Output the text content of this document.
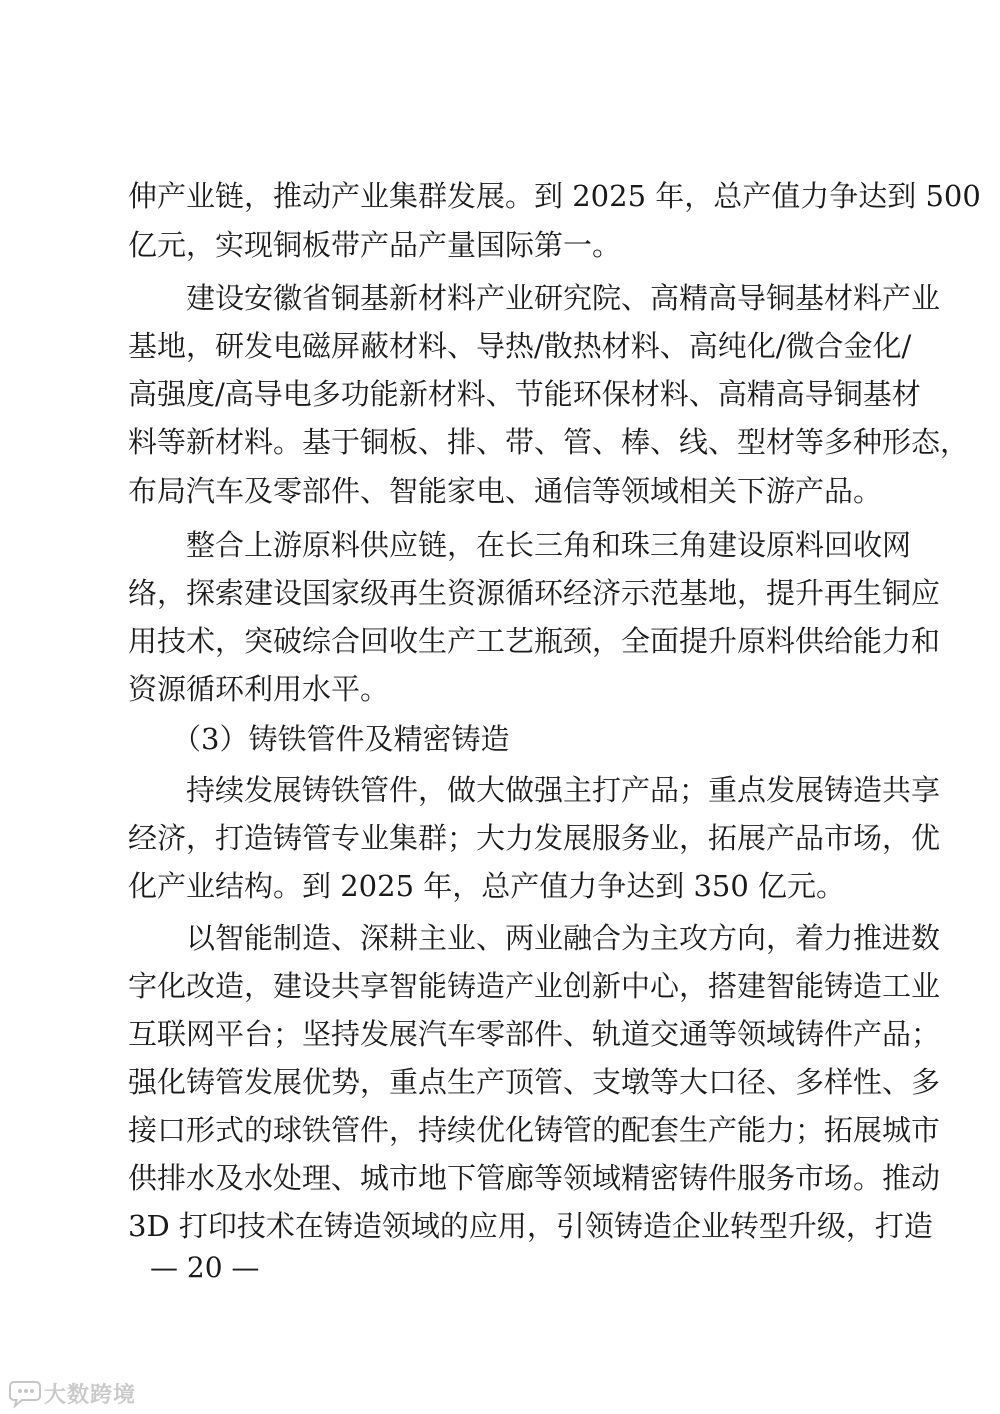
伸产业链，推动产业集群发展。到 2025 年，总产值力争达到 500
亿元，实现铜板带产品产量国际第一。
建设安徽省铜基新材料产业研究院、高精高导铜基材料产业
基地，研发电磁屏蔽材料、导热/散热材料、高纯化/微合金化/
高强度/高导电多功能新材料、节能环保材料、高精高导铜基材
料等新材料。基于铜板、排、带、管、棒、线、型材等多种形态，
布局汽车及零部件、智能家电、通信等领域相关下游产品。
整合上游原料供应链，在长三角和珠三角建设原料回收网
络，探索建设国家级再生资源循环经济示范基地，提升再生铜应
用技术，突破综合回收生产工艺瓶颈，全面提升原料供给能力和
资源循环利用水平。
（3）铸铁管件及精密铸造
持续发展铸铁管件，做大做强主打产品；重点发展铸造共享
经济，打造铸管专业集群；大力发展服务业，拓展产品市场，优
化产业结构。到 2025 年，总产值力争达到 350 亿元。
以智能制造、深耕主业、两业融合为主攻方向，着力推进数
字化改造，建设共享智能铸造产业创新中心，搭建智能铸造工业
互联网平台；坚持发展汽车零部件、轨道交通等领域铸件产品；
强化铸管发展优势，重点生产顶管、支墩等大口径、多样性、多
接口形式的球铁管件，持续优化铸管的配套生产能力；拓展城市
供排水及水处理、城市地下管廊等领域精密铸件服务市场。推动
3D 打印技术在铸造领域的应用，引领铸造企业转型升级，打造
— 20 —
大数跨境
